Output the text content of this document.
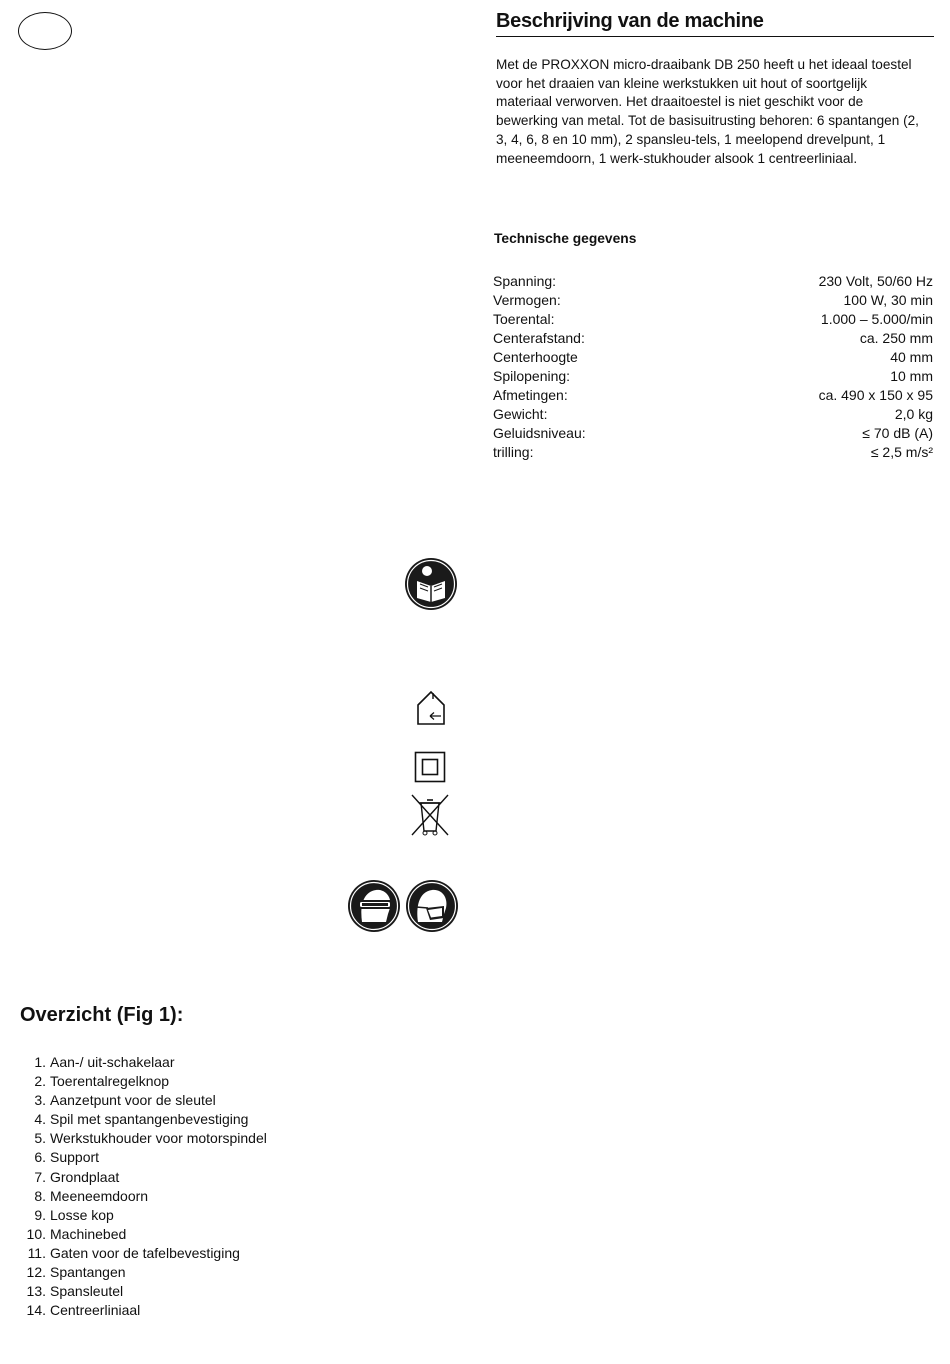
Beschrijving van de machine
Met de PROXXON micro-draaibank DB 250 heeft u het ideaal toestel voor het draaien van kleine werkstukken uit hout of soortgelijk materiaal verworven. Het draaitoestel is niet geschikt voor de bewerking van metal. Tot de basisuitrusting behoren: 6 spantangen (2, 3, 4, 6, 8 en 10 mm), 2 spansleu-tels, 1 meelopend drevelpunt, 1 meeneemdoorn, 1 werk-stukhouder alsook 1 centreerliniaal.
Technische gegevens
Spanning:	230 Volt, 50/60 Hz
Vermogen:	100 W, 30 min
Toerental:	1.000 – 5.000/min
Centerafstand:	ca. 250 mm
Centerhoogte	40 mm
Spilopening:	10 mm
Afmetingen:	ca. 490 x 150 x 95
Gewicht:	2,0 kg
Geluidsniveau:	≤ 70 dB (A)
trilling:	≤ 2,5 m/s²
Overzicht (Fig 1):
1. Aan-/ uit-schakelaar
2. Toerentalregelknop
3. Aanzetpunt voor de sleutel
4. Spil met spantangenbevestiging
5. Werkstukhouder voor motorspindel
6. Support
7. Grondplaat
8. Meeneemdoorn
9. Losse kop
10. Machinebed
11. Gaten voor de tafelbevestiging
12. Spantangen
13. Spansleutel
14. Centreerliniaal
